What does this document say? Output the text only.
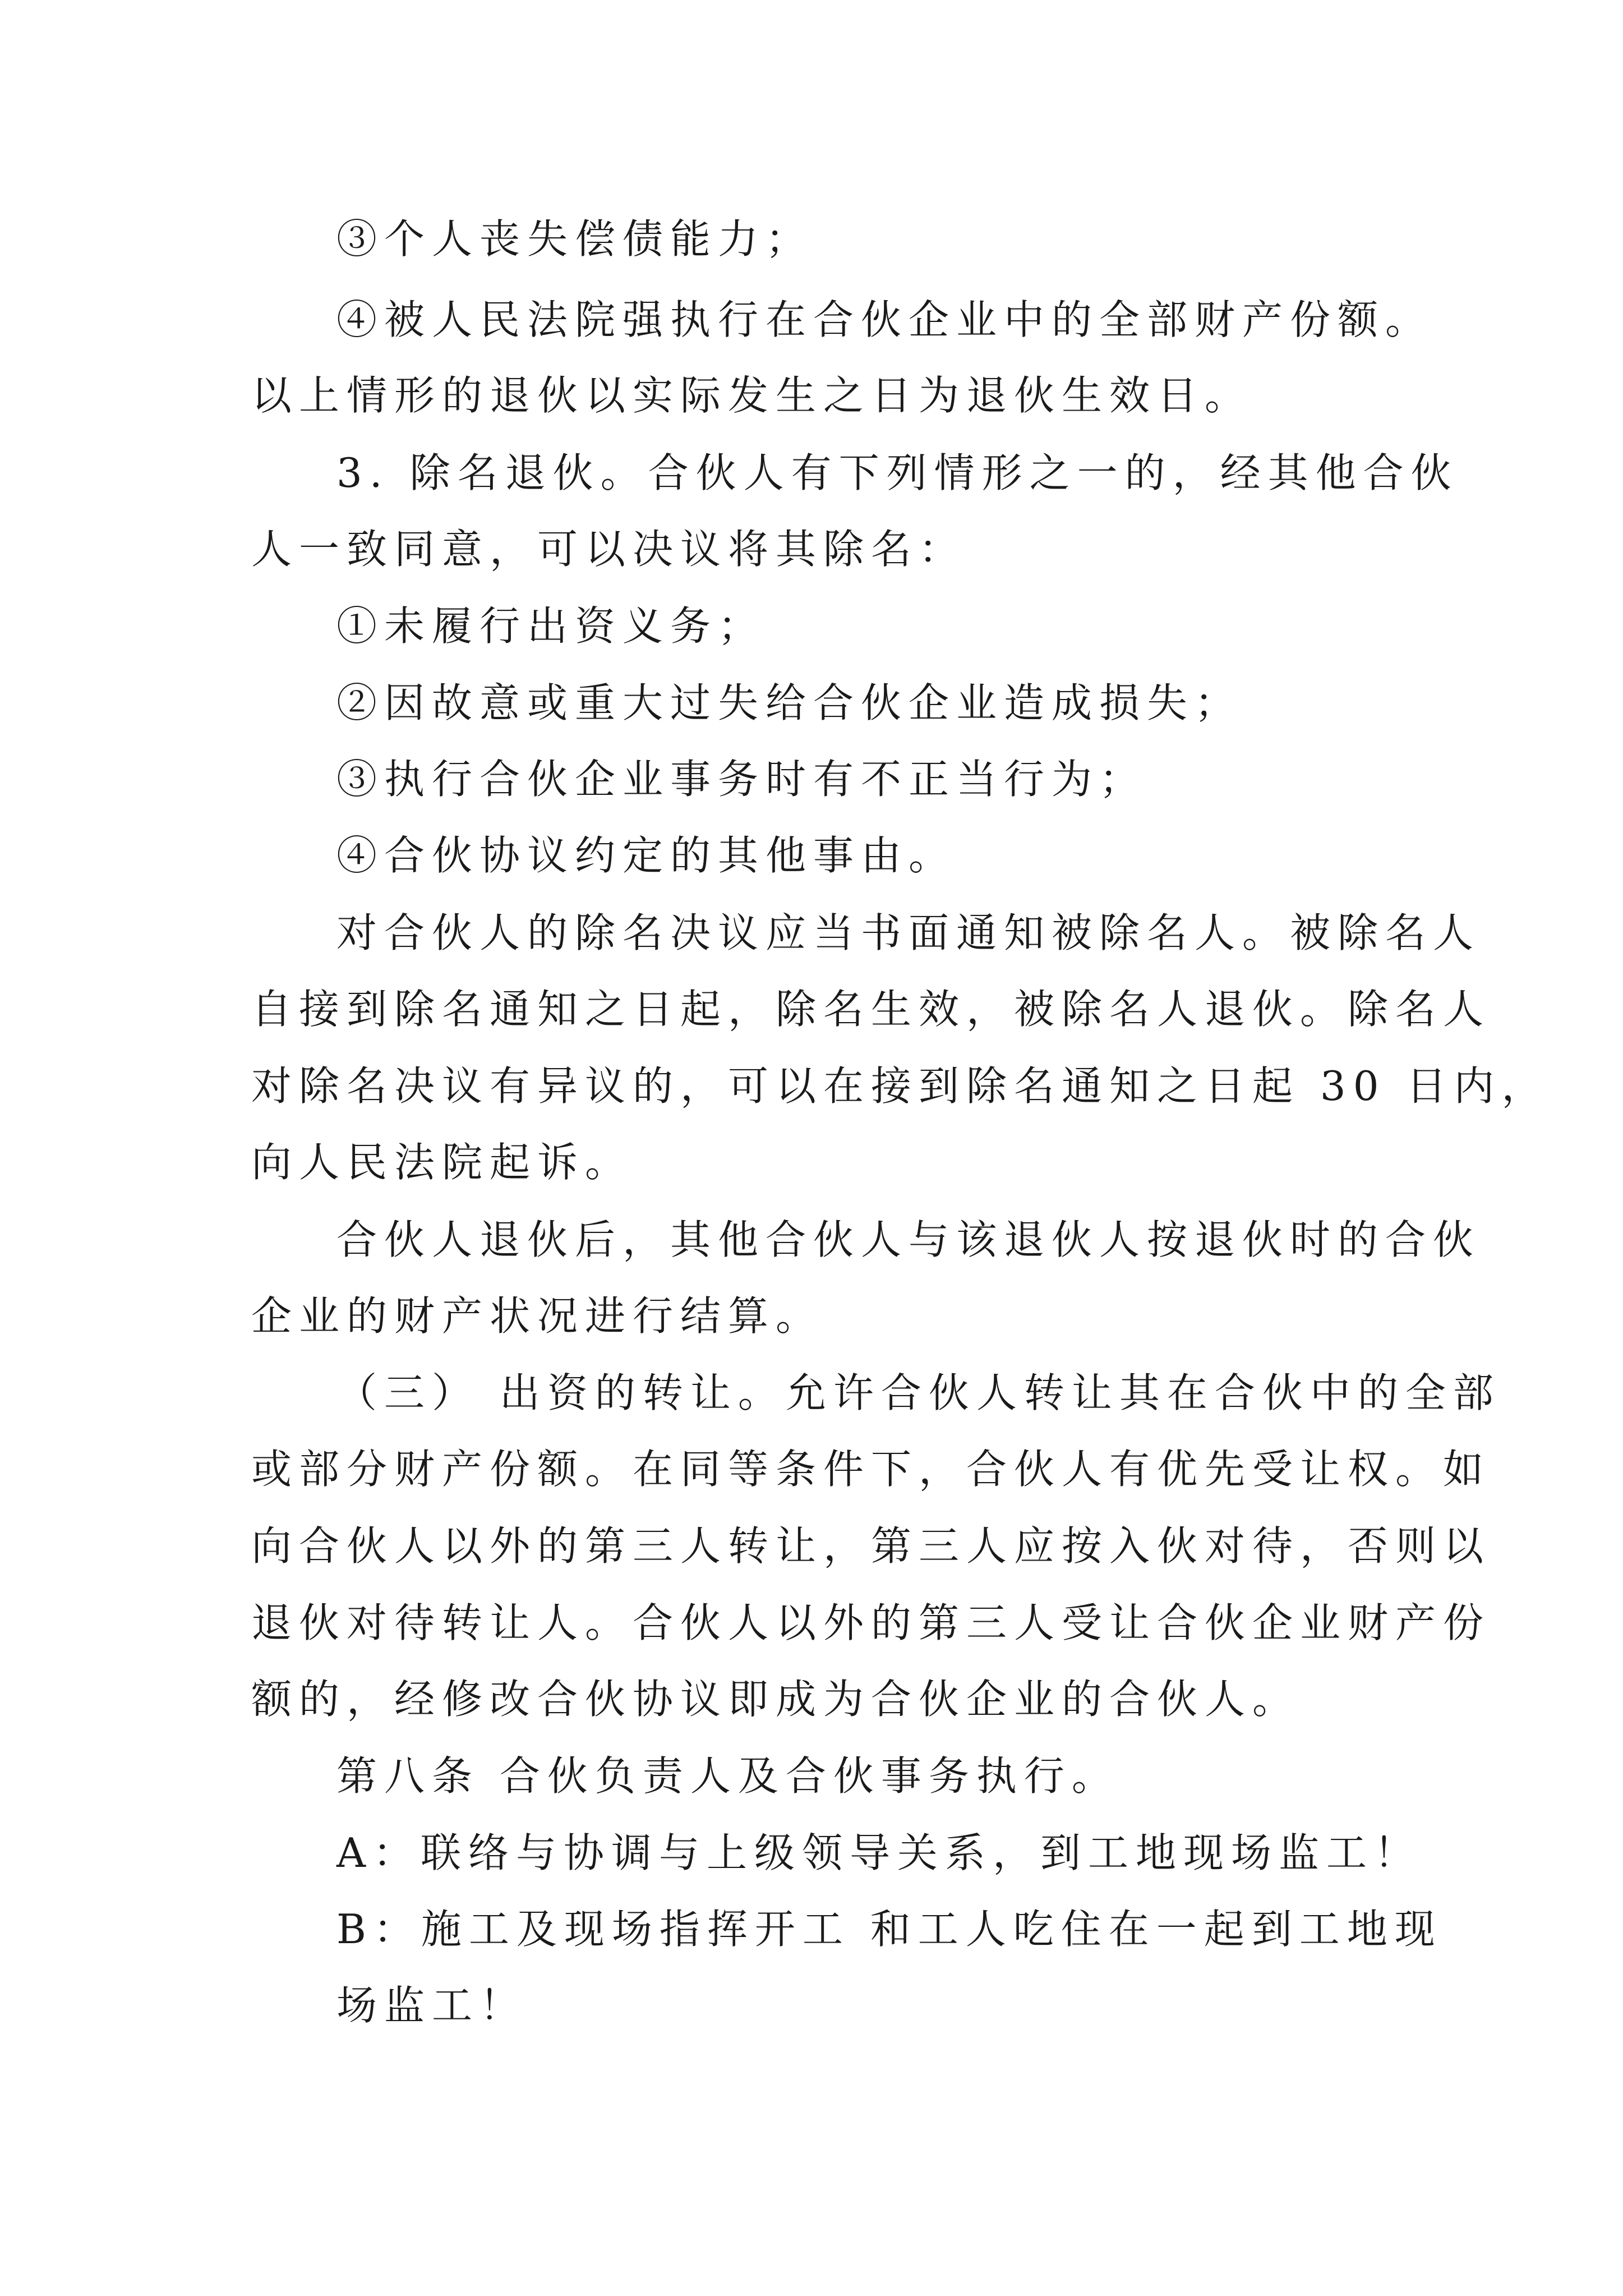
③个人丧失偿债能力；
④被人民法院强执行在合伙企业中的全部财产份额。
以上情形的退伙以实际发生之日为退伙生效日。
3. 除名退伙。合伙人有下列情形之一的，经其他合伙
人一致同意，可以决议将其除名：
①未履行出资义务；
②因故意或重大过失给合伙企业造成损失；
③执行合伙企业事务时有不正当行为；
④合伙协议约定的其他事由。
对合伙人的除名决议应当书面通知被除名人。被除名人
自接到除名通知之日起，除名生效，被除名人退伙。除名人
对除名决议有异议的，可以在接到除名通知之日起 30 日内，
向人民法院起诉。
合伙人退伙后，其他合伙人与该退伙人按退伙时的合伙
企业的财产状况进行结算。
（三） 出资的转让。允许合伙人转让其在合伙中的全部
或部分财产份额。在同等条件下，合伙人有优先受让权。如
向合伙人以外的第三人转让，第三人应按入伙对待，否则以
退伙对待转让人。合伙人以外的第三人受让合伙企业财产份
额的，经修改合伙协议即成为合伙企业的合伙人。
第八条 合伙负责人及合伙事务执行。
A：联络与协调与上级领导关系，到工地现场监工！
B：施工及现场指挥开工 和工人吃住在一起到工地现
场监工！
